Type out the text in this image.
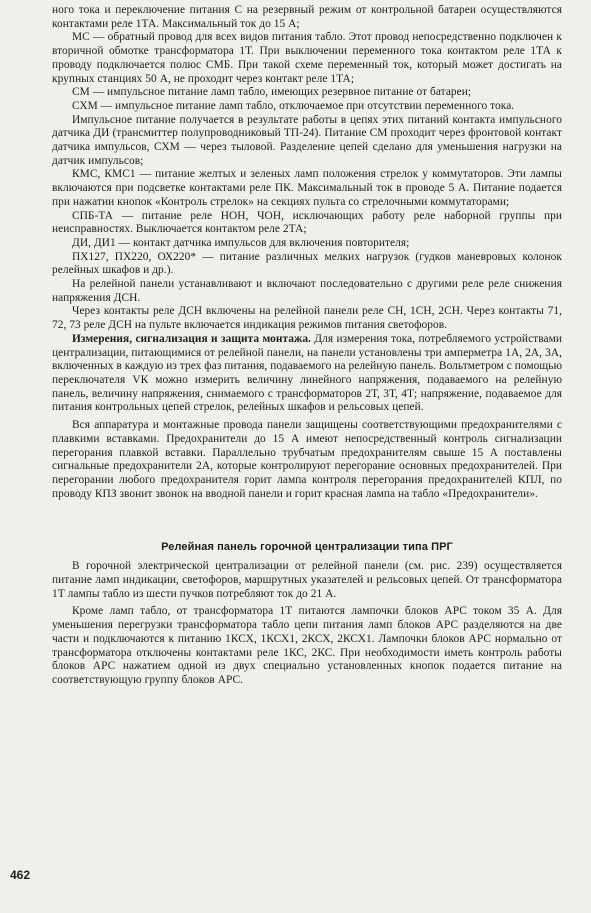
ного тока и переключение питания С на резервный режим от контрольной батареи осуществляются контактами реле 1ТА. Максимальный ток до 15 А;

МС — обратный провод для всех видов питания табло. Этот провод непосредственно подключен к вторичной обмотке трансформатора 1Т. При выключении переменного тока контактом реле 1ТА к проводу подключается полюс СМБ. При такой схеме переменный ток, который может достигать на крупных станциях 50 А, не проходит через контакт реле 1ТА;

СМ — импульсное питание ламп табло, имеющих резервное питание от батареи;

СХМ — импульсное питание ламп табло, отключаемое при отсутствии переменного тока.

Импульсное питание получается в результате работы в цепях этих питаний контакта импульсного датчика ДИ (трансмиттер полупроводниковый ТП-24). Питание СМ проходит через фронтовой контакт датчика импульсов, СХМ — через тыловой. Разделение цепей сделано для уменьшения нагрузки на датчик импульсов;

КМС, КМС1 — питание желтых и зеленых ламп положения стрелок у коммутаторов. Эти лампы включаются при подсветке контактами реле ПК. Максимальный ток в проводе 5 А. Питание подается при нажатии кнопок «Контроль стрелок» на секциях пульта со стрелочными коммутаторами;

СПБ-ТА — питание реле НОН, ЧОН, исключающих работу реле наборной группы при неисправностях. Выключается контактом реле 2ТА;

ДИ, ДИ1 — контакт датчика импульсов для включения повторителя;

ПХ127, ПХ220, ОХ220* — питание различных мелких нагрузок (гудков маневровых колонок релейных шкафов и др.).

На релейной панели устанавливают и включают последовательно с другими реле реле снижения напряжения ДСН.

Через контакты реле ДСН включены на релейной панели реле СН, 1СН, 2СН. Через контакты 71, 72, 73 реле ДСН на пульте включается индикация режимов питания светофоров.

Измерения, сигнализация и защита монтажа. Для измерения тока, потребляемого устройствами централизации, питающимися от релейной панели, на панели установлены три амперметра 1А, 2А, 3А, включенных в каждую из трех фаз питания, подаваемого на релейную панель. Вольтметром с помощью переключателя VК можно измерить величину линейного напряжения, подаваемого на релейную панель, величину напряжения, снимаемого с трансформаторов 2Т, 3Т, 4Т; напряжение, подаваемое для питания контрольных цепей стрелок, релейных шкафов и рельсовых цепей.

Вся аппаратура и монтажные провода панели защищены соответствующими предохранителями с плавкими вставками. Предохранители до 15 А имеют непосредственный контроль сигнализации перегорания плавкой вставки. Параллельно трубчатым предохранителям свыше 15 А поставлены сигнальные предохранители 2А, которые контролируют перегорание основных предохранителей. При перегорании любого предохранителя горит лампа контроля перегорания предохранителей КПЛ, по проводу КПЗ звонит звонок на вводной панели и горит красная лампа на табло «Предохранители».

Релейная панель горочной централизации типа ПРГ

В горочной электрической централизации от релейной панели (см. рис. 239) осуществляется питание ламп индикации, светофоров, маршрутных указателей и рельсовых цепей. От трансформатора 1Т лампы табло из шести пучков потребляют ток до 21 А.

Кроме ламп табло, от трансформатора 1Т питаются лампочки блоков АРС током 35 А. Для уменьшения перегрузки трансформатора табло цепи питания ламп блоков АРС разделяются на две части и подключаются к питанию 1КСХ, 1КСХ1, 2КСХ, 2КСХ1. Лампочки блоков АРС нормально от трансформатора отключены контактами реле 1КС, 2КС. При необходимости иметь контроль работы блоков АРС нажатием одной из двух специально установленных кнопок подается питание на соответствующую группу блоков АРС.

462
